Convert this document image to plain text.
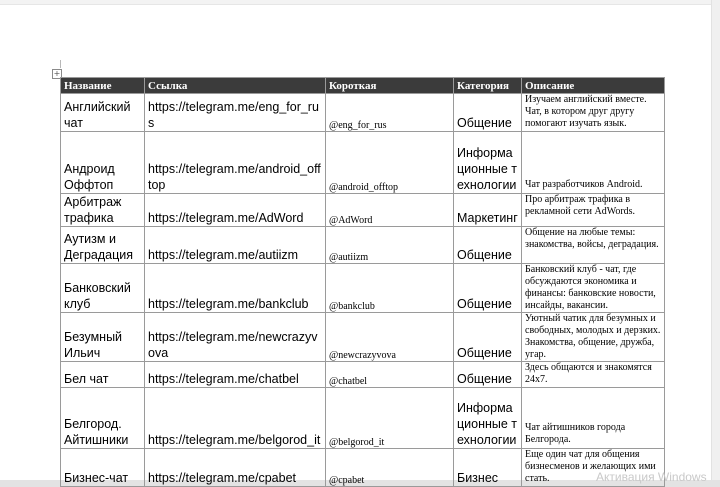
+
Название	Ссылка	Короткая	Категория	Описание
Английский чат	https://telegram.me/eng_for_rus	@eng_for_rus	Общение	Изучаем английский вместе. Чат, в котором друг другу помогают изучать язык.
Андроид Оффтоп	https://telegram.me/android_offtop	@android_offtop	Информационные технологии	Чат разработчиков Android.
Арбитраж трафика	https://telegram.me/AdWord	@AdWord	Маркетинг	Про арбитраж трафика в рекламной сети AdWords.
Аутизм и Деградация	https://telegram.me/autiizm	@autiizm	Общение	Общение на любые темы: знакомства, войсы, деградация.
Банковский клуб	https://telegram.me/bankclub	@bankclub	Общение	Банковский клуб - чат, где обсуждаются экономика и финансы: банковские новости, инсайды, вакансии.
Безумный Ильич	https://telegram.me/newcrazyvova	@newcrazyvova	Общение	Уютный чатик для безумных и свободных, молодых и дерзких. Знакомства, общение, дружба, угар.
Бел чат	https://telegram.me/chatbel	@chatbel	Общение	Здесь общаются и знакомятся 24x7.
Белгород. Айтишники	https://telegram.me/belgorod_it	@belgorod_it	Информационные технологии	Чат айтишников города Белгорода.
Бизнес-чат	https://telegram.me/cpabet	@cpabet	Бизнес	Еще один чат для общения бизнесменов и желающих ими стать.	Активация Windows
